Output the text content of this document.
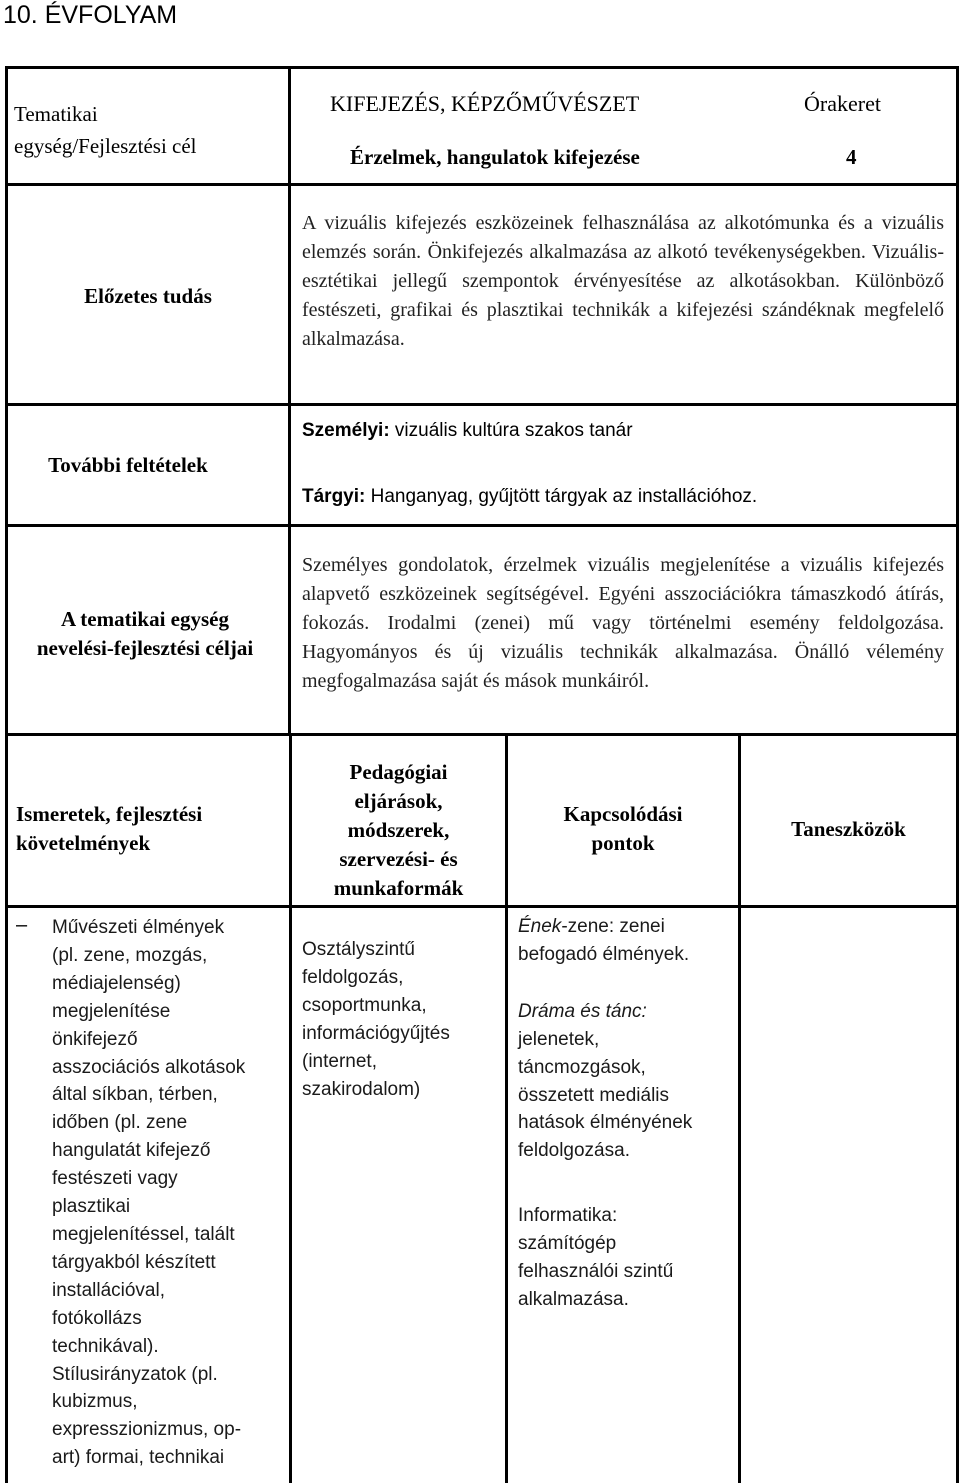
10. ÉVFOLYAM
Tematikai
egység/Fejlesztési cél
KIFEJEZÉS, KÉPZŐMŰVÉSZET
Érzelmek, hangulatok kifejezése
Órakeret
4
Előzetes tudás
A vizuális kifejezés eszközeinek felhasználása az alkotómunka és a vizuális elemzés során. Önkifejezés alkalmazása az alkotó tevékenységekben. Vizuális-esztétikai jellegű szempontok érvényesítése az alkotásokban. Különböző festészeti, grafikai és plasztikai technikák a kifejezési szándéknak megfelelő alkalmazása.
További feltételek
Személyi: vizuális kultúra szakos tanár
Tárgyi: Hanganyag, gyűjtött tárgyak az installációhoz.
A tematikai egység
nevelési-fejlesztési céljai
Személyes gondolatok, érzelmek vizuális megjelenítése a vizuális kifejezés alapvető eszközeinek segítségével. Egyéni asszociációkra támaszkodó átírás, fokozás. Irodalmi (zenei) mű vagy történelmi esemény feldolgozása. Hagyományos és új vizuális technikák alkalmazása. Önálló vélemény megfogalmazása saját és mások munkáiról.
Ismeretek, fejlesztési
követelmények
Pedagógiai
eljárások,
módszerek,
szervezési- és
munkaformák
Kapcsolódási
pontok
Taneszközök
– Művészeti élmények
(pl. zene, mozgás,
médiajelenség)
megjelenítése
önkifejező
asszociációs alkotások
által síkban, térben,
időben (pl. zene
hangulatát kifejező
festészeti vagy
plasztikai
megjelenítéssel, talált
tárgyakból készített
installációval,
fotókollázs
technikával).
Stílusirányzatok (pl.
kubizmus,
expresszionizmus, op-
art) formai, technikai
Osztályszintű
feldolgozás,
csoportmunka,
információgyűjtés
(internet,
szakirodalom)
Ének-zene: zenei
befogadó élmények.
Dráma és tánc:
jelenetek,
táncmozgások,
összetett mediális
hatások élményének
feldolgozása.
Informatika:
számítógép
felhasználói szintű
alkalmazása.
